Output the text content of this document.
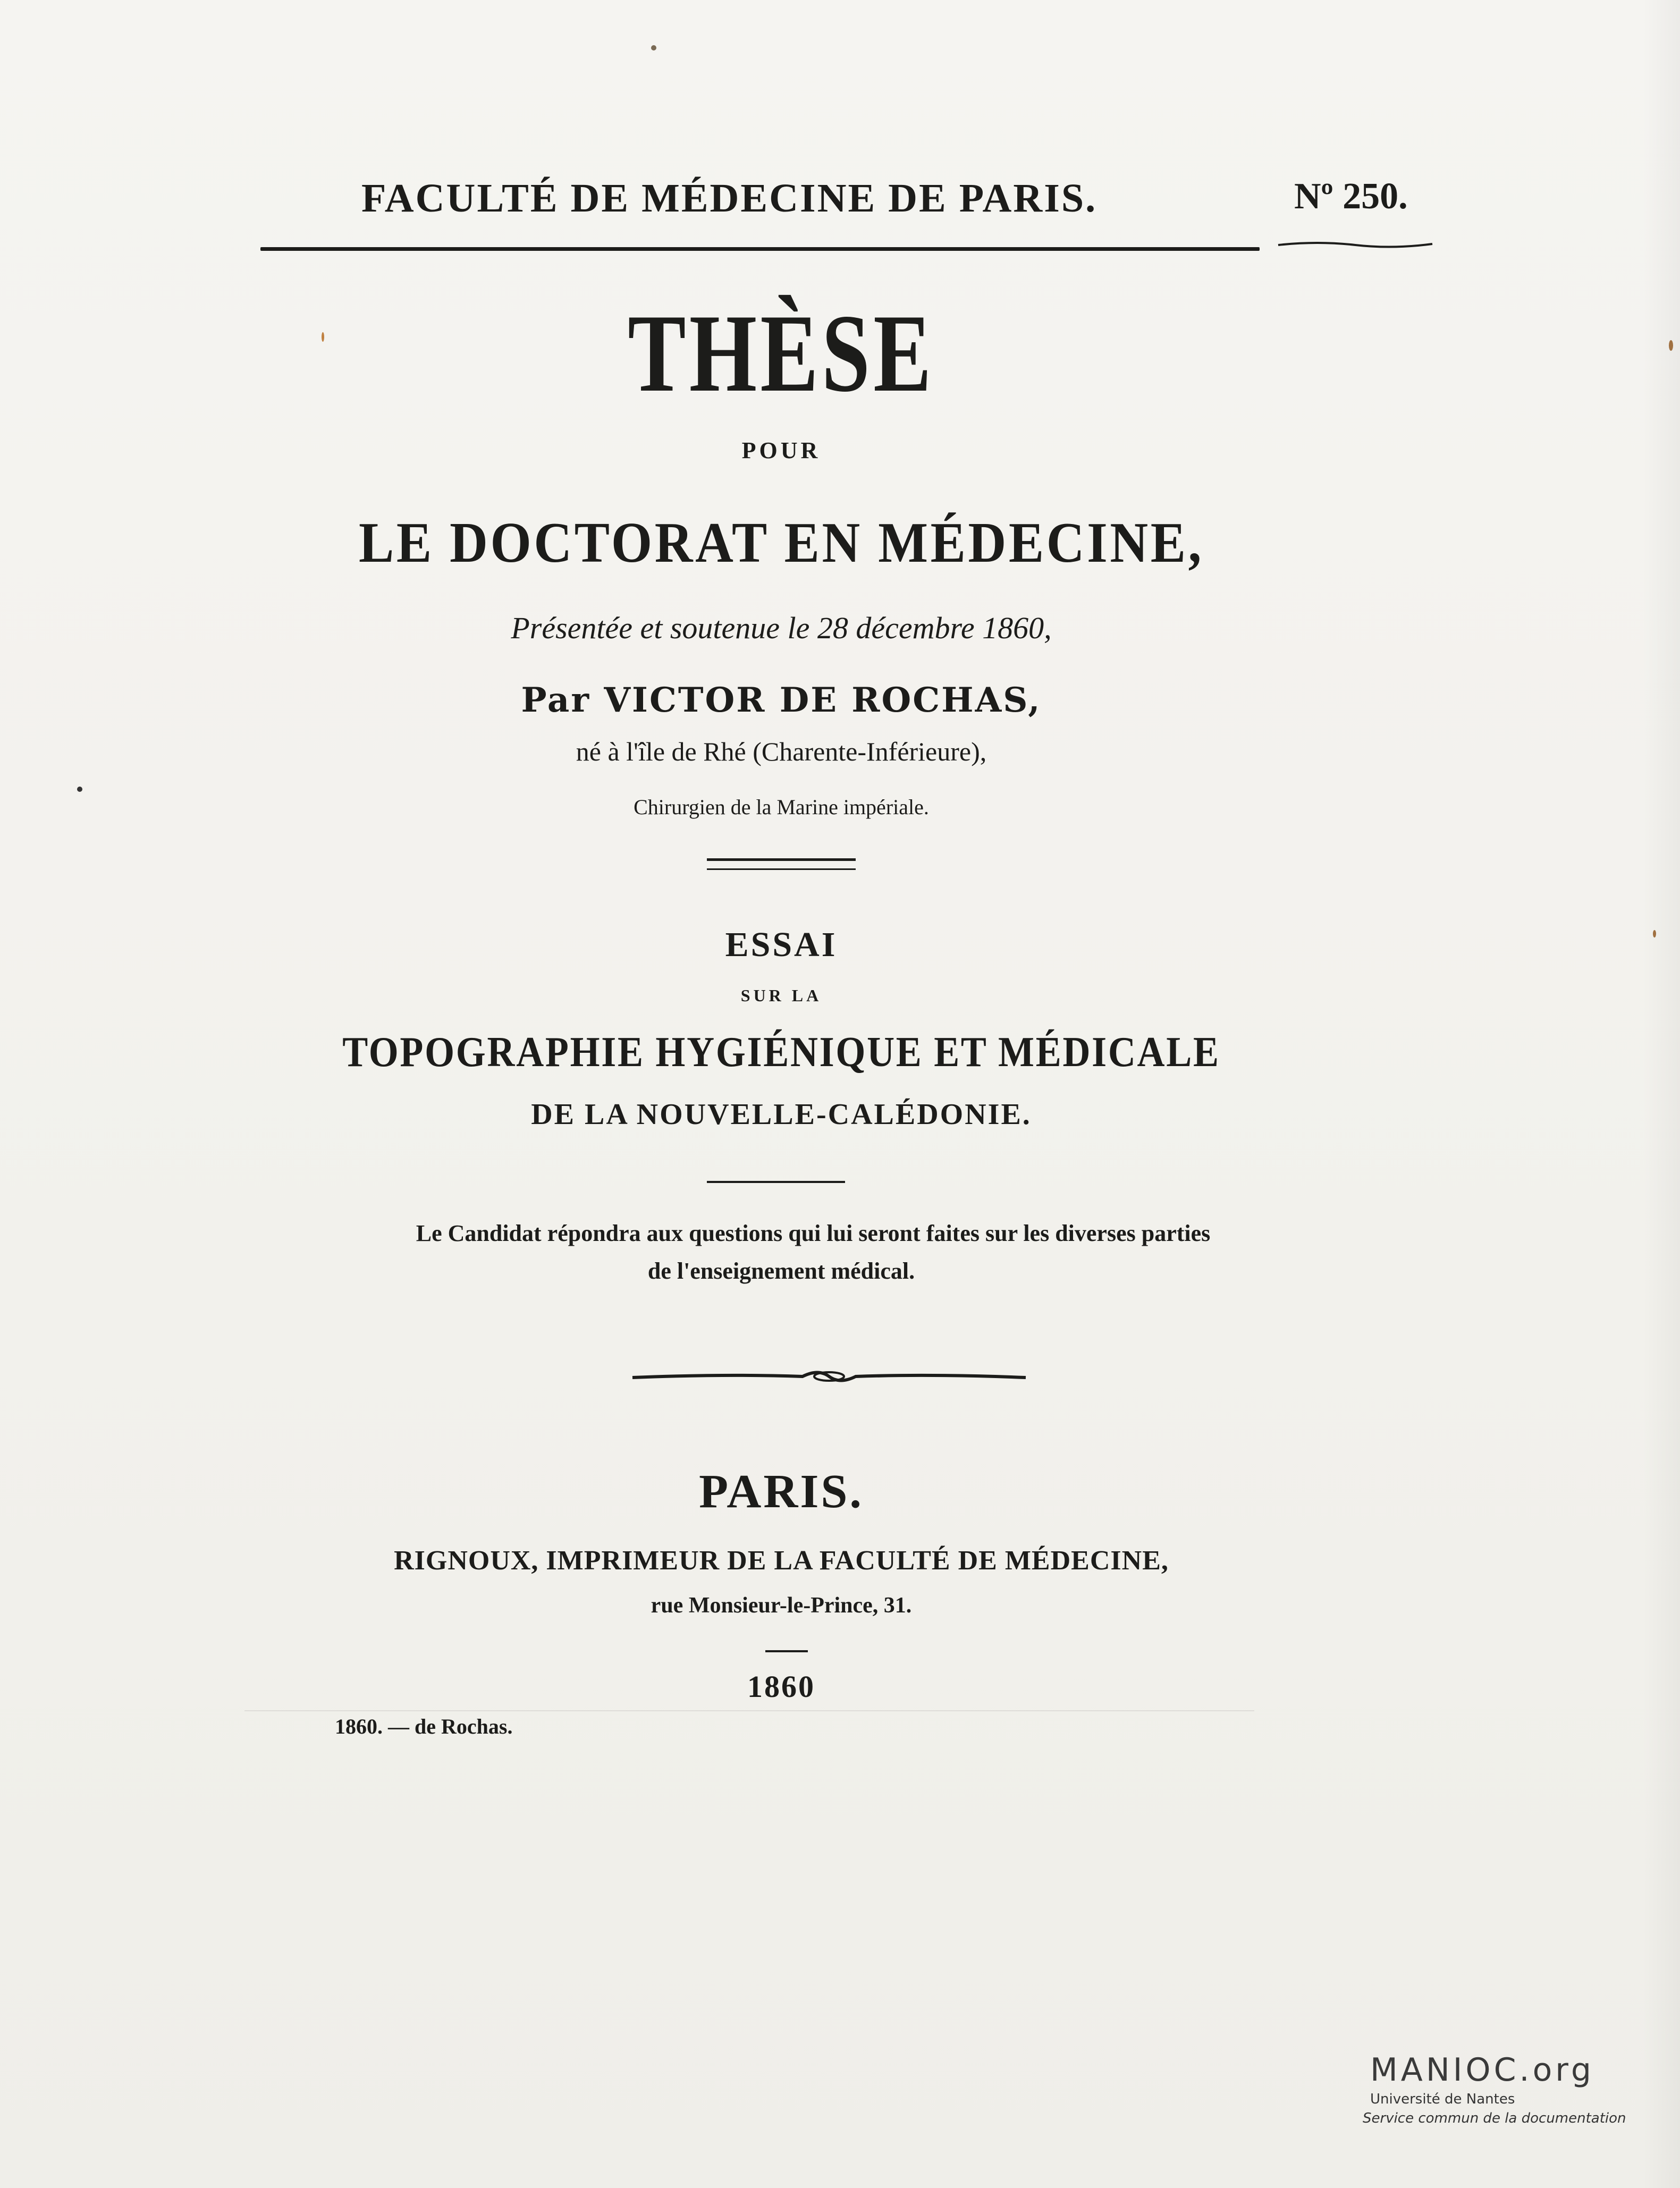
FACULTÉ DE MÉDECINE DE PARIS.	Nº 250.
THÈSE
POUR
LE DOCTORAT EN MÉDECINE,
Présentée et soutenue le 28 décembre 1860,
Par VICTOR DE ROCHAS,
né à l'île de Rhé (Charente-Inférieure),
Chirurgien de la Marine impériale.
ESSAI
SUR LA
TOPOGRAPHIE HYGIÉNIQUE ET MÉDICALE
DE LA NOUVELLE-CALÉDONIE.
Le Candidat répondra aux questions qui lui seront faites sur les diverses parties
de l'enseignement médical.
PARIS.
RIGNOUX, IMPRIMEUR DE LA FACULTÉ DE MÉDECINE,
rue Monsieur-le-Prince, 31.
1860
1860. — de Rochas.
MANIOC.org
Université de Nantes
Service commun de la documentation
